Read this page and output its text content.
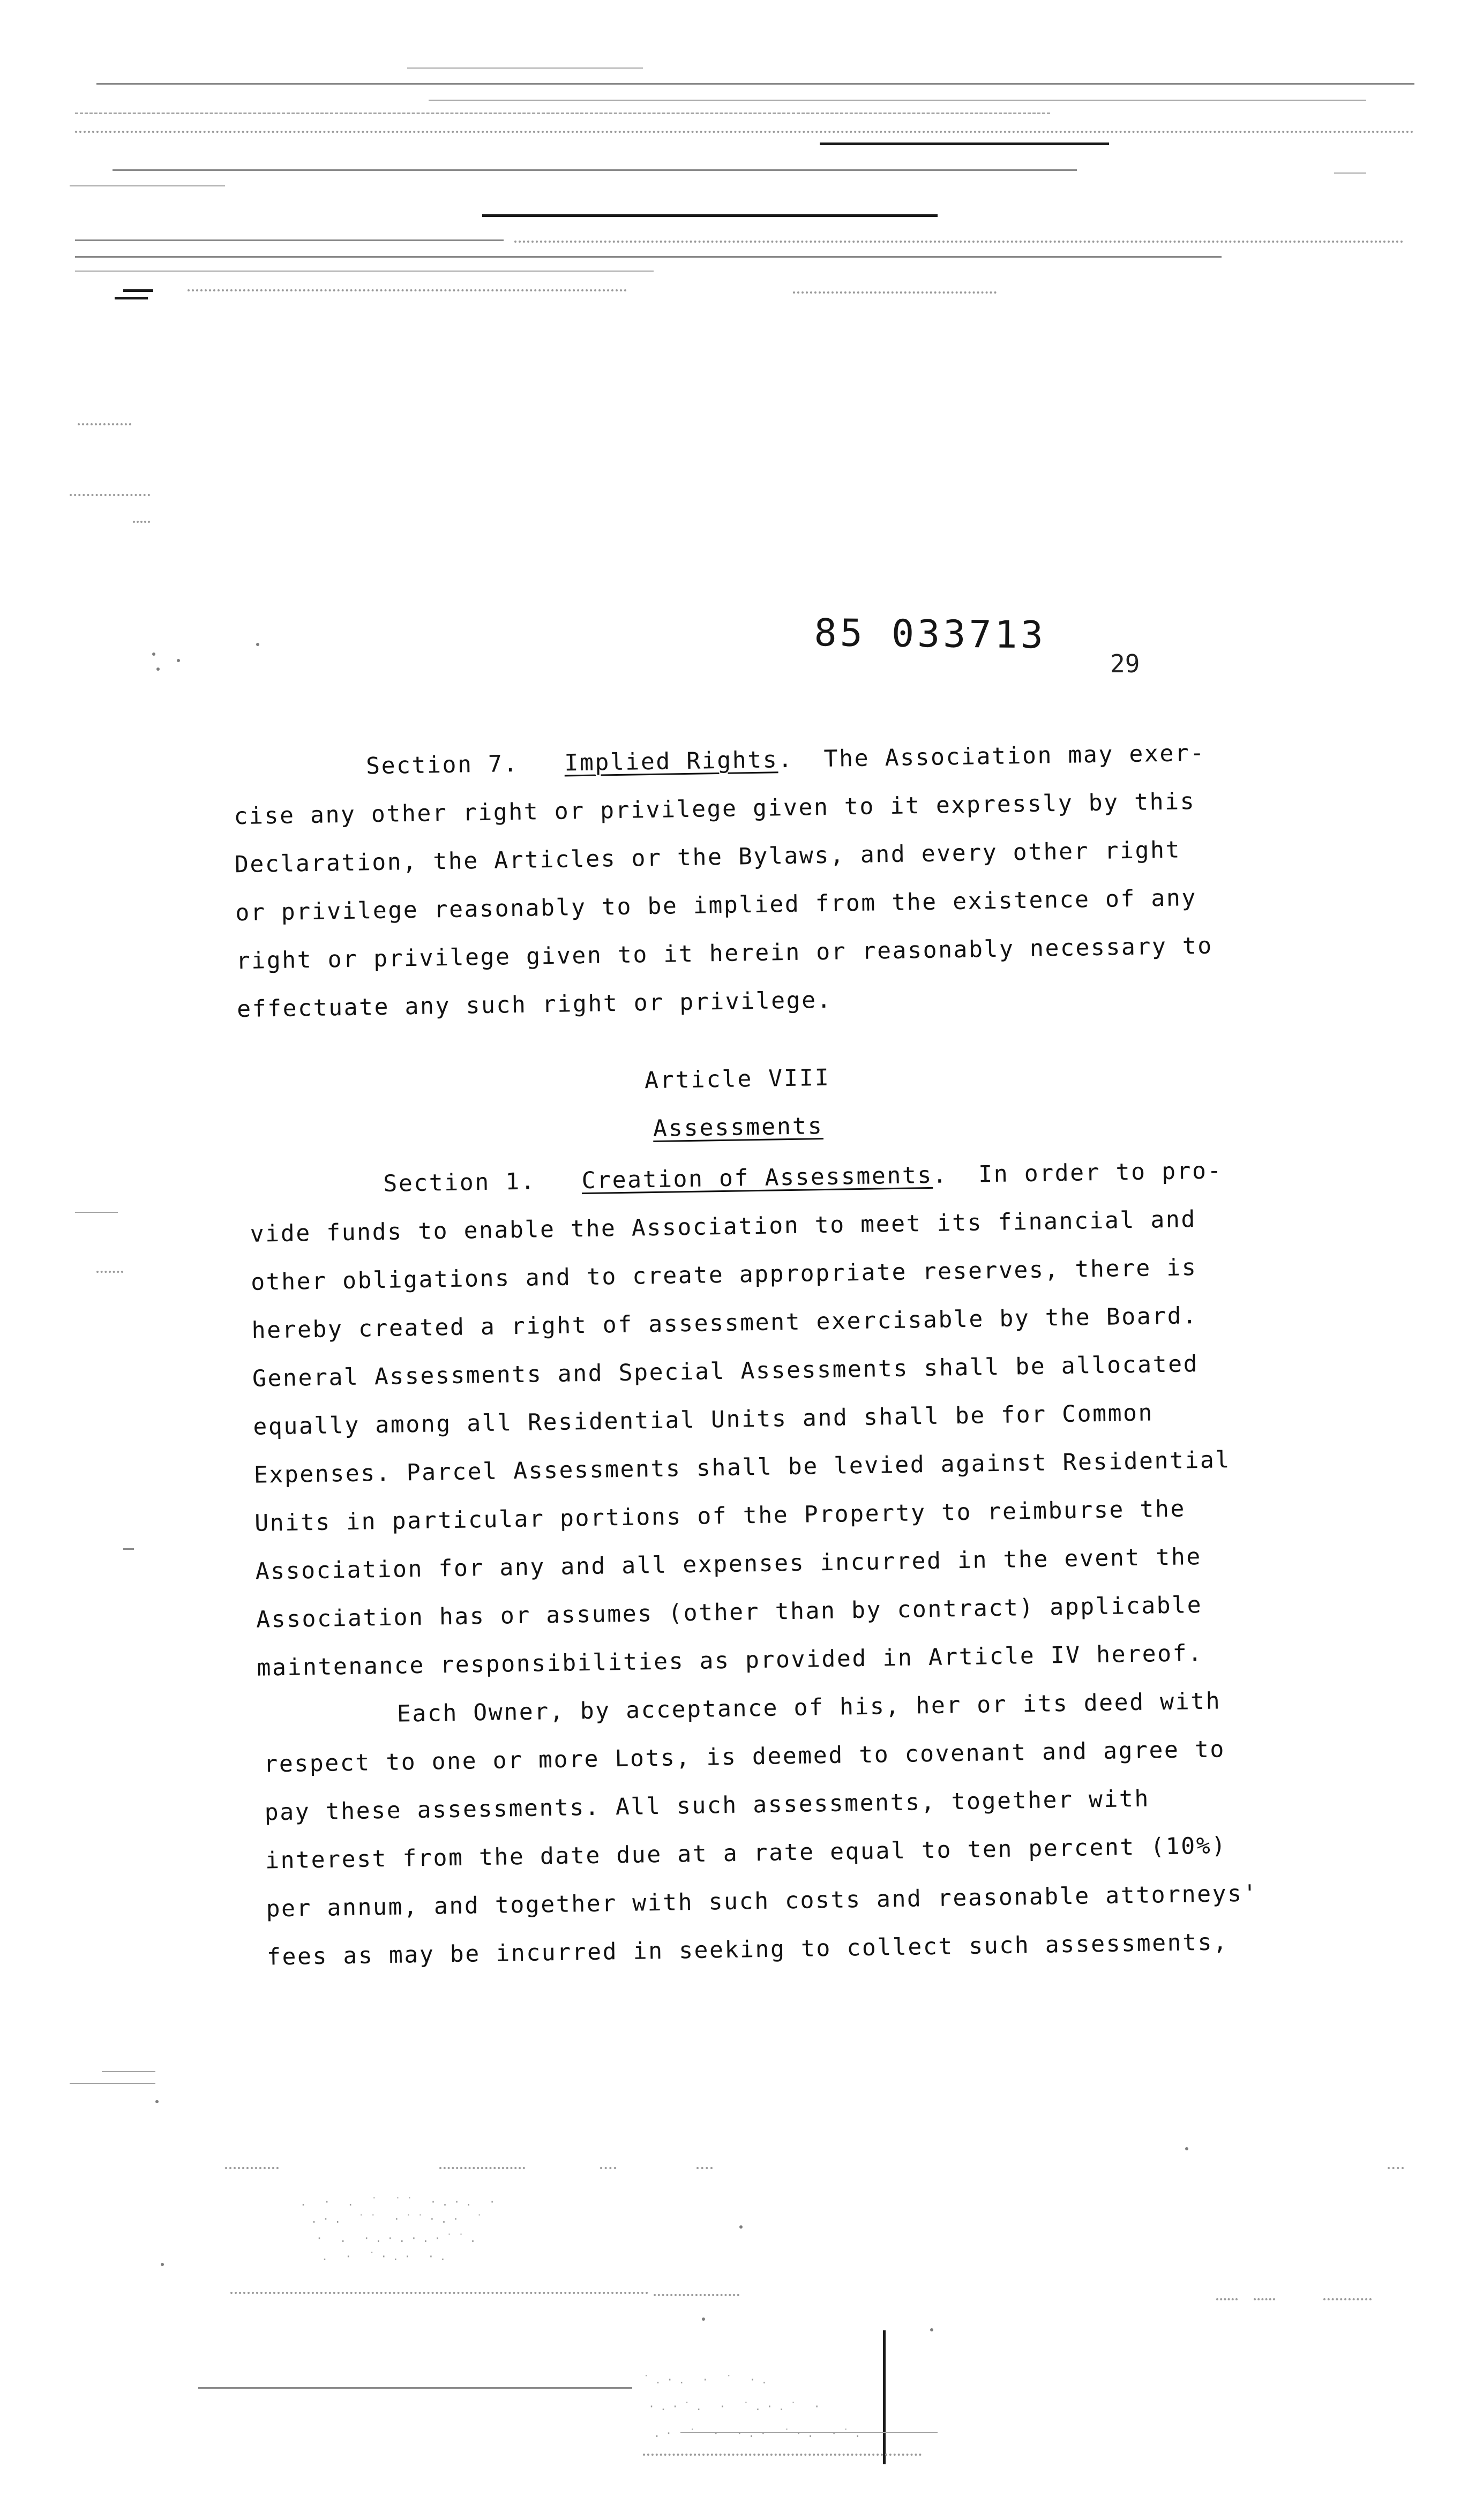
85 033713
29
Section 7. Implied Rights.  The Association may exer-
cise any other right or privilege given to it expressly by this
Declaration, the Articles or the Bylaws, and every other right
or privilege reasonably to be implied from the existence of any
right or privilege given to it herein or reasonably necessary to
effectuate any such right or privilege.
Article VIII
Assessments
Section 1. Creation of Assessments.  In order to pro-
vide funds to enable the Association to meet its financial and
other obligations and to create appropriate reserves, there is
hereby created a right of assessment exercisable by the Board.
General Assessments and Special Assessments shall be allocated
equally among all Residential Units and shall be for Common
Expenses. Parcel Assessments shall be levied against Residential
Units in particular portions of the Property to reimburse the
Association for any and all expenses incurred in the event the
Association has or assumes (other than by contract) applicable
maintenance responsibilities as provided in Article IV hereof.
Each Owner, by acceptance of his, her or its deed with
respect to one or more Lots, is deemed to covenant and agree to
pay these assessments. All such assessments, together with
interest from the date due at a rate equal to ten percent (10%)
per annum, and together with such costs and reasonable attorneys'
fees as may be incurred in seeking to collect such assessments,
. · . ˙ ˙˙ ·.·. ·
.·. ˙˙ ·˙˙·.· ˙
· . ·.·.·.·˙˙.
. · ˙·.· ·.
˙.·. · ˙ ·.
·.·˙. · ˙.·.˙ ·
.· ˙ · ·.· ˙·. ·˙.
